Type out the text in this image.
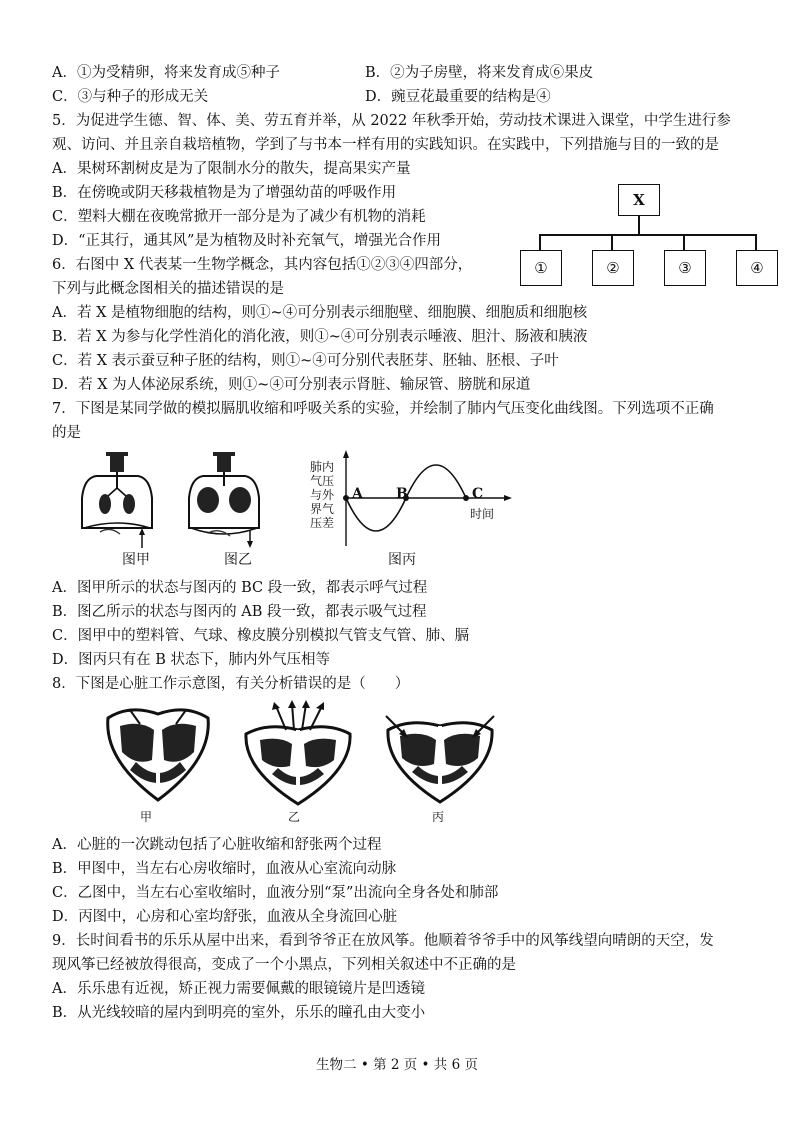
A．①为受精卵，将来发育成⑤种子	B．②为子房壁，将来发育成⑥果皮
C．③与种子的形成无关	D．豌豆花最重要的结构是④
5．为促进学生德、智、体、美、劳五育并举，从 2022 年秋季开始，劳动技术课进入课堂，中学生进行参
观、访问、并且亲自栽培植物，学到了与书本一样有用的实践知识。在实践中，下列措施与目的一致的是
A．果树环割树皮是为了限制水分的散失，提高果实产量
B．在傍晚或阴天移栽植物是为了增强幼苗的呼吸作用
C．塑料大棚在夜晚常掀开一部分是为了减少有机物的消耗
D．“正其行，通其风”是为植物及时补充氧气，增强光合作用
X
①	②	③	④
6．右图中 X 代表某一生物学概念，其内容包括①②③④四部分，
下列与此概念图相关的描述错误的是
A．若 X 是植物细胞的结构，则①~④可分别表示细胞壁、细胞膜、细胞质和细胞核
B．若 X 为参与化学性消化的消化液，则①~④可分别表示唾液、胆汁、肠液和胰液
C．若 X 表示蚕豆种子胚的结构，则①~④可分别代表胚芽、胚轴、胚根、子叶
D．若 X 为人体泌尿系统，则①~④可分别表示肾脏、输尿管、膀胱和尿道
7．下图是某同学做的模拟膈肌收缩和呼吸关系的实验，并绘制了肺内气压变化曲线图。下列选项不正确
的是
图甲	图乙
肺内
气压
与外
界气
压差
A B	C
时间
图丙
A．图甲所示的状态与图丙的 BC 段一致，都表示呼气过程
B．图乙所示的状态与图丙的 AB 段一致，都表示吸气过程
C．图甲中的塑料管、气球、橡皮膜分别模拟气管支气管、肺、膈
D．图丙只有在 B 状态下，肺内外气压相等
8．下图是心脏工作示意图，有关分析错误的是（　　）
甲	乙	丙
A．心脏的一次跳动包括了心脏收缩和舒张两个过程
B．甲图中，当左右心房收缩时，血液从心室流向动脉
C．乙图中，当左右心室收缩时，血液分别“泵”出流向全身各处和肺部
D．丙图中，心房和心室均舒张，血液从全身流回心脏
9．长时间看书的乐乐从屋中出来，看到爷爷正在放风筝。他顺着爷爷手中的风筝线望向晴朗的天空，发
现风筝已经被放得很高，变成了一个小黑点，下列相关叙述中不正确的是
A．乐乐患有近视，矫正视力需要佩戴的眼镜镜片是凹透镜
B．从光线较暗的屋内到明亮的室外，乐乐的瞳孔由大变小
生物二 • 第 2 页 • 共 6 页
